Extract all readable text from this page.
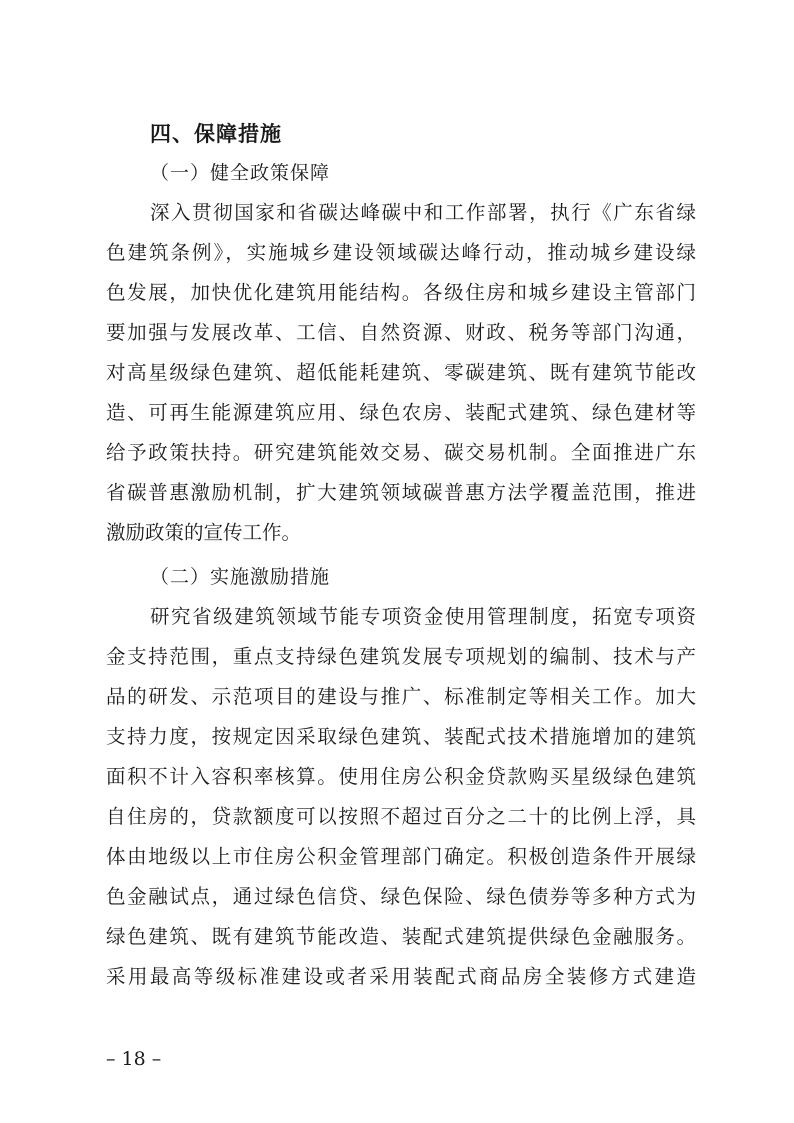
四、保障措施
（一）健全政策保障
深入贯彻国家和省碳达峰碳中和工作部署，执行《广东省绿
色建筑条例》，实施城乡建设领域碳达峰行动，推动城乡建设绿
色发展，加快优化建筑用能结构。各级住房和城乡建设主管部门
要加强与发展改革、工信、自然资源、财政、税务等部门沟通，
对高星级绿色建筑、超低能耗建筑、零碳建筑、既有建筑节能改
造、可再生能源建筑应用、绿色农房、装配式建筑、绿色建材等
给予政策扶持。研究建筑能效交易、碳交易机制。全面推进广东
省碳普惠激励机制，扩大建筑领域碳普惠方法学覆盖范围，推进
激励政策的宣传工作。
（二）实施激励措施
研究省级建筑领域节能专项资金使用管理制度，拓宽专项资
金支持范围，重点支持绿色建筑发展专项规划的编制、技术与产
品的研发、示范项目的建设与推广、标准制定等相关工作。加大
支持力度，按规定因采取绿色建筑、装配式技术措施增加的建筑
面积不计入容积率核算。使用住房公积金贷款购买星级绿色建筑
自住房的，贷款额度可以按照不超过百分之二十的比例上浮，具
体由地级以上市住房公积金管理部门确定。积极创造条件开展绿
色金融试点，通过绿色信贷、绿色保险、绿色债券等多种方式为
绿色建筑、既有建筑节能改造、装配式建筑提供绿色金融服务。
采用最高等级标准建设或者采用装配式商品房全装修方式建造
– 18 –
